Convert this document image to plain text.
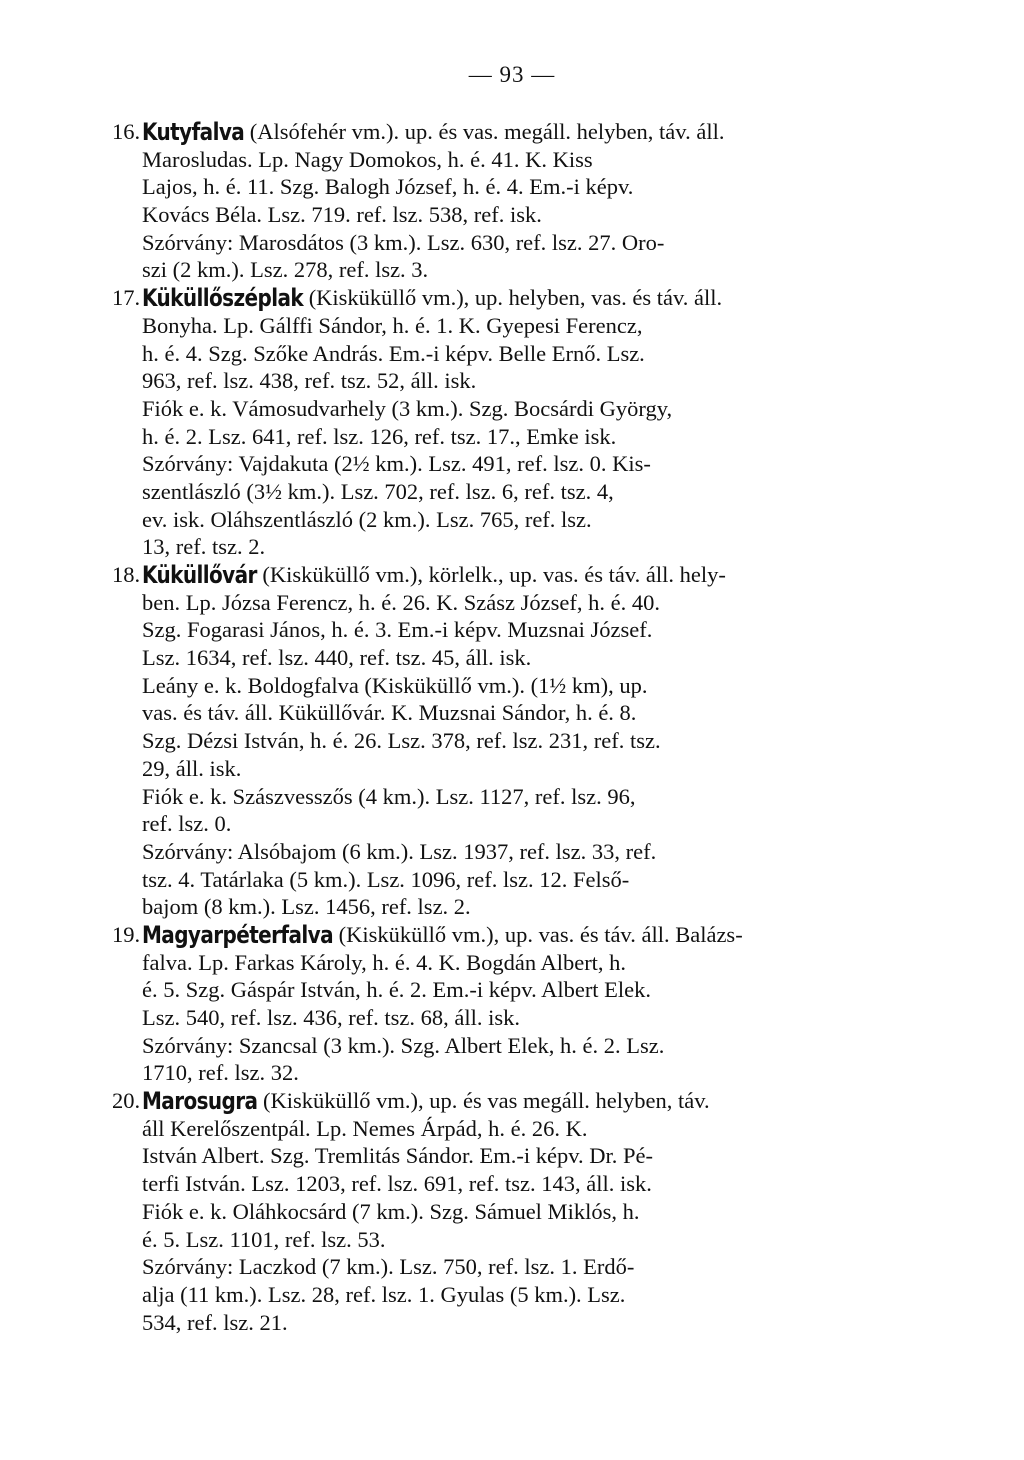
— 93 —
16.Kutyfalva (Alsófehér vm.). up. és vas. megáll. helyben, táv. áll.
Marosludas. Lp. Nagy Domokos, h. é. 41. K. Kiss
Lajos, h. é. 11. Szg. Balogh József, h. é. 4. Em.-i képv.
Kovács Béla. Lsz. 719. ref. lsz. 538, ref. isk.
Szórvány: Marosdátos (3 km.). Lsz. 630, ref. lsz. 27. Oro-
szi (2 km.). Lsz. 278, ref. lsz. 3.
17.Küküllőszéplak (Kisküküllő vm.), up. helyben, vas. és táv. áll.
Bonyha. Lp. Gálffi Sándor, h. é. 1. K. Gyepesi Ferencz,
h. é. 4. Szg. Szőke András. Em.-i képv. Belle Ernő. Lsz.
963, ref. lsz. 438, ref. tsz. 52, áll. isk.
Fiók e. k. Vámosudvarhely (3 km.). Szg. Bocsárdi György,
h. é. 2. Lsz. 641, ref. lsz. 126, ref. tsz. 17., Emke isk.
Szórvány: Vajdakuta (2½ km.). Lsz. 491, ref. lsz. 0. Kis-
szentlászló (3½ km.). Lsz. 702, ref. lsz. 6, ref. tsz. 4,
ev. isk. Oláhszentlászló (2 km.). Lsz. 765, ref. lsz.
13, ref. tsz. 2.
18.Küküllővár (Kisküküllő vm.), körlelk., up. vas. és táv. áll. hely-
ben. Lp. Józsa Ferencz, h. é. 26. K. Szász József, h. é. 40.
Szg. Fogarasi János, h. é. 3. Em.-i képv. Muzsnai József.
Lsz. 1634, ref. lsz. 440, ref. tsz. 45, áll. isk.
Leány e. k. Boldogfalva (Kisküküllő vm.). (1½ km), up.
vas. és táv. áll. Küküllővár. K. Muzsnai Sándor, h. é. 8.
Szg. Dézsi István, h. é. 26. Lsz. 378, ref. lsz. 231, ref. tsz.
29, áll. isk.
Fiók e. k. Szászvesszős (4 km.). Lsz. 1127, ref. lsz. 96,
ref. lsz. 0.
Szórvány: Alsóbajom (6 km.). Lsz. 1937, ref. lsz. 33, ref.
tsz. 4. Tatárlaka (5 km.). Lsz. 1096, ref. lsz. 12. Felső-
bajom (8 km.). Lsz. 1456, ref. lsz. 2.
19.Magyarpéterfalva (Kisküküllő vm.), up. vas. és táv. áll. Balázs-
falva. Lp. Farkas Károly, h. é. 4. K. Bogdán Albert, h.
é. 5. Szg. Gáspár István, h. é. 2. Em.-i képv. Albert Elek.
Lsz. 540, ref. lsz. 436, ref. tsz. 68, áll. isk.
Szórvány: Szancsal (3 km.). Szg. Albert Elek, h. é. 2. Lsz.
1710, ref. lsz. 32.
20.Marosugra (Kisküküllő vm.), up. és vas megáll. helyben, táv.
áll Kerelőszentpál. Lp. Nemes Árpád, h. é. 26. K.
István Albert. Szg. Tremlitás Sándor. Em.-i képv. Dr. Pé-
terfi István. Lsz. 1203, ref. lsz. 691, ref. tsz. 143, áll. isk.
Fiók e. k. Oláhkocsárd (7 km.). Szg. Sámuel Miklós, h.
é. 5. Lsz. 1101, ref. lsz. 53.
Szórvány: Laczkod (7 km.). Lsz. 750, ref. lsz. 1. Erdő-
alja (11 km.). Lsz. 28, ref. lsz. 1. Gyulas (5 km.). Lsz.
534, ref. lsz. 21.
